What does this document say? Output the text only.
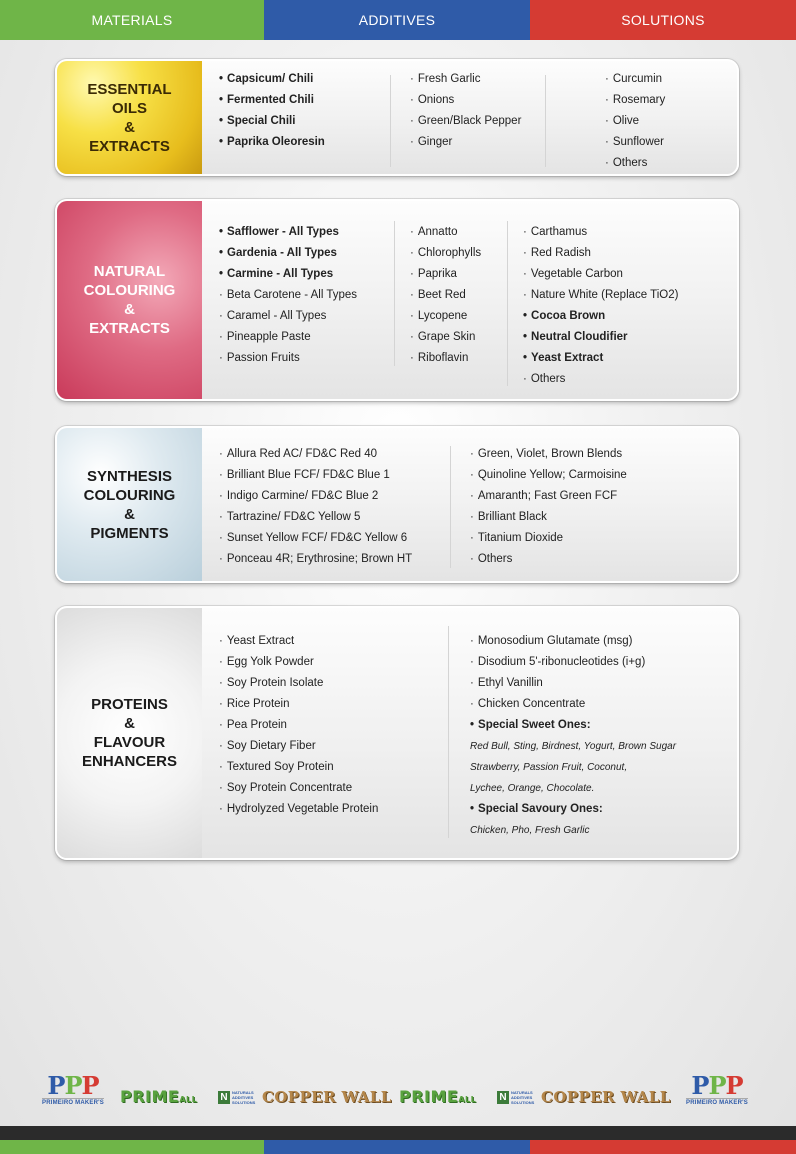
MATERIALS	ADDITIVES	SOLUTIONS
ESSENTIAL
OILS
&
EXTRACTS
• Capsicum/ Chili
• Fermented Chili
• Special Chili
• Paprika Oleoresin
· Fresh Garlic
· Onions
· Green/Black Pepper
· Ginger
· Curcumin
· Rosemary
· Olive
· Sunflower
· Others
NATURAL
COLOURING
&
EXTRACTS
• Safflower - All Types
• Gardenia - All Types
• Carmine - All Types
· Beta Carotene - All Types
· Caramel - All Types
· Pineapple Paste
· Passion Fruits
· Annatto
· Chlorophylls
· Paprika
· Beet Red
· Lycopene
· Grape Skin
· Riboflavin
· Carthamus
· Red Radish
· Vegetable Carbon
· Nature White (Replace TiO2)
• Cocoa Brown
• Neutral Cloudifier
• Yeast Extract
· Others
SYNTHESIS
COLOURING
&
PIGMENTS
· Allura Red AC/ FD&C Red 40
· Brilliant Blue FCF/ FD&C Blue 1
· Indigo Carmine/ FD&C Blue 2
· Tartrazine/ FD&C Yellow 5
· Sunset Yellow FCF/ FD&C Yellow 6
· Ponceau 4R; Erythrosine; Brown HT
· Green, Violet, Brown Blends
· Quinoline Yellow; Carmoisine
· Amaranth; Fast Green FCF
· Brilliant Black
· Titanium Dioxide
· Others
PROTEINS
&
FLAVOUR
ENHANCERS
· Yeast Extract
· Egg Yolk Powder
· Soy Protein Isolate
· Rice Protein
· Pea Protein
· Soy Dietary Fiber
· Textured Soy Protein
· Soy Protein Concentrate
· Hydrolyzed Vegetable Protein
· Monosodium Glutamate (msg)
· Disodium 5'-ribonucleotides (i+g)
· Ethyl Vanillin
· Chicken Concentrate
• Special Sweet Ones:
Red Bull, Sting, Birdnest, Yogurt, Brown Sugar
Strawberry, Passion Fruit, Coconut,
Lychee, Orange, Chocolate.
• Special Savoury Ones:
Chicken, Pho, Fresh Garlic
PPP
PRIMEIRO MAKER'S PRIMEALL N	NATURALS ADDITIVES SOLUTIONS COPPER WALL PRIMEALL N	NATURALS ADDITIVES SOLUTIONS COPPER WALL PPP
PRIMEIRO MAKER'S
